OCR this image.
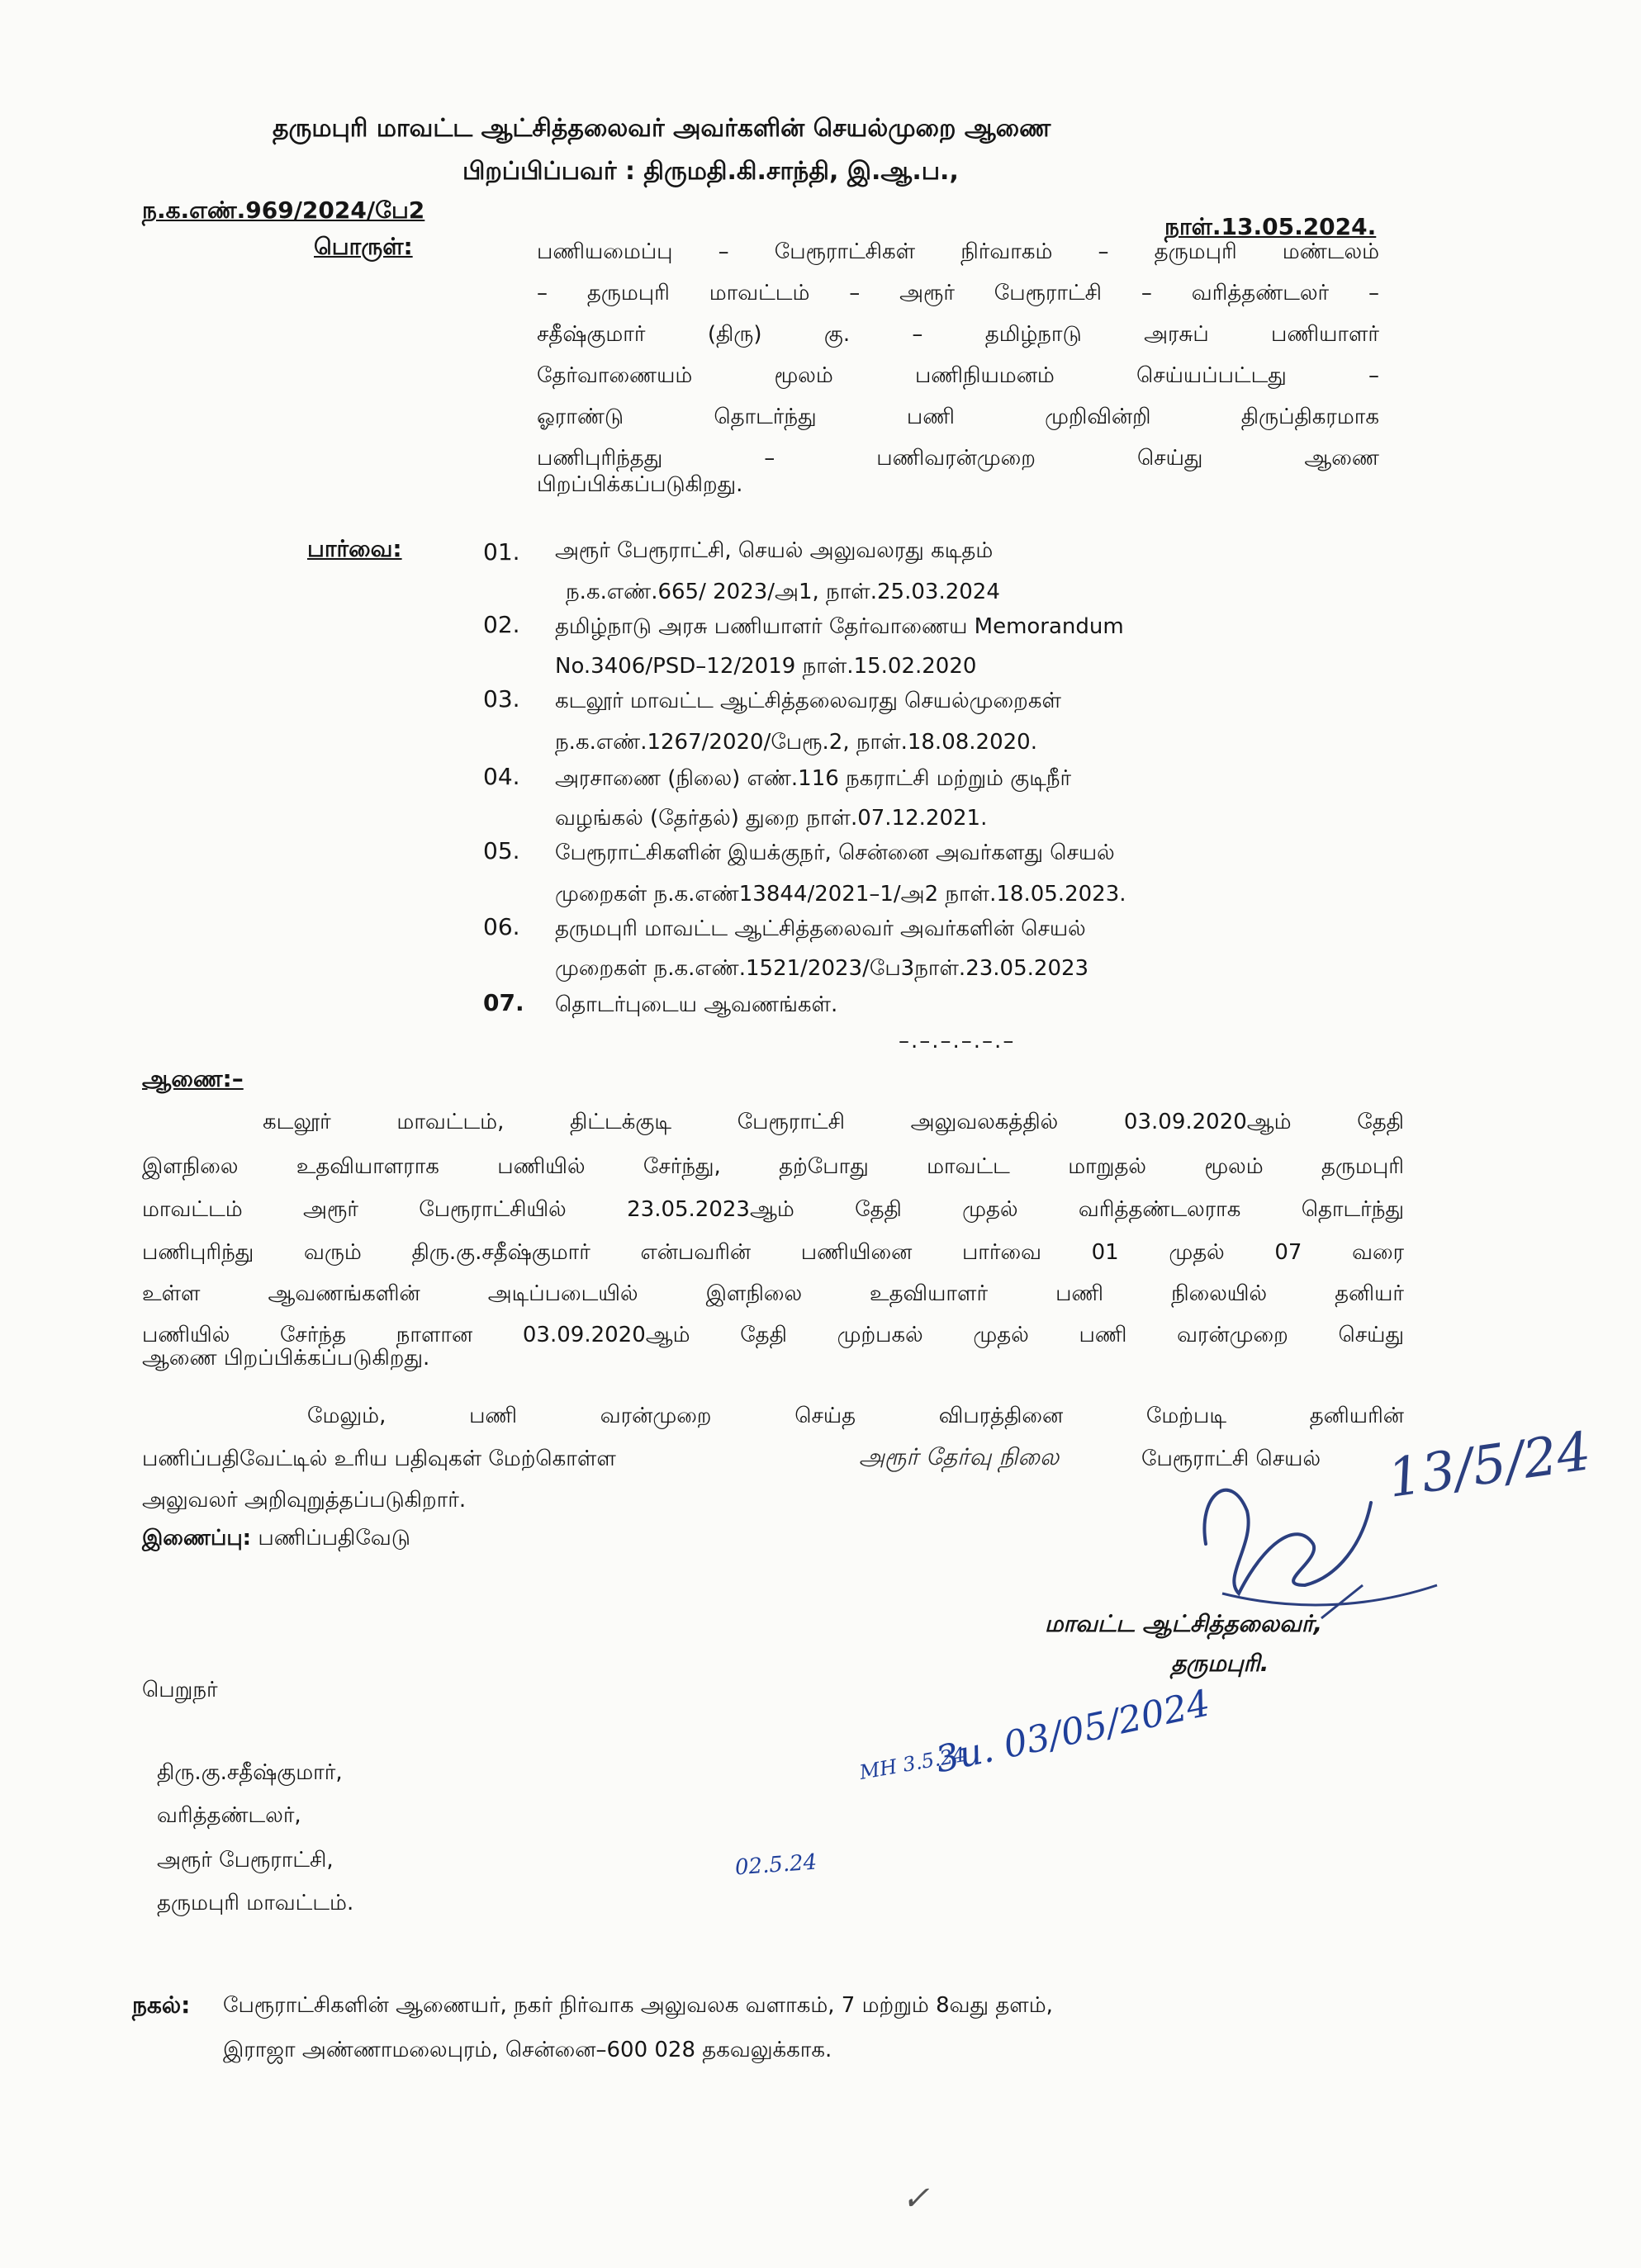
தருமபுரி மாவட்ட ஆட்சித்தலைவர் அவர்களின் செயல்முறை ஆணை
பிறப்பிப்பவர் : திருமதி.கி.சாந்தி, இ.ஆ.ப.,
ந.க.எண்.969/2024/பே2
நாள்.13.05.2024.
பொருள்:	பணியமைப்பு – பேரூராட்சிகள் நிர்வாகம் – தருமபுரி மண்டலம்
– தருமபுரி மாவட்டம் – அரூர் பேரூராட்சி – வரித்தண்டலர் –
சதீஷ்குமார் (திரு) கு. – தமிழ்நாடு அரசுப் பணியாளர்
தேர்வாணையம் மூலம் பணிநியமனம் செய்யப்பட்டது –
ஓராண்டு தொடர்ந்து பணி முறிவின்றி திருப்திகரமாக
பணிபுரிந்தது – பணிவரன்முறை செய்து ஆணை
பிறப்பிக்கப்படுகிறது.
பார்வை:	01. அரூர் பேரூராட்சி, செயல் அலுவலரது கடிதம்
ந.க.எண்.665/ 2023/அ1, நாள்.25.03.2024
02. தமிழ்நாடு அரசு பணியாளர் தேர்வாணைய Memorandum
No.3406/PSD–12/2019 நாள்.15.02.2020
03. கடலூர் மாவட்ட ஆட்சித்தலைவரது செயல்முறைகள்
ந.க.எண்.1267/2020/பேரூ.2, நாள்.18.08.2020.
04. அரசாணை (நிலை) எண்.116 நகராட்சி மற்றும் குடிநீர்
வழங்கல் (தேர்தல்) துறை நாள்.07.12.2021.
05. பேரூராட்சிகளின் இயக்குநர், சென்னை அவர்களது செயல்
முறைகள் ந.க.எண்13844/2021–1/அ2 நாள்.18.05.2023.
06. தருமபுரி மாவட்ட ஆட்சித்தலைவர் அவர்களின் செயல்
முறைகள் ந.க.எண்.1521/2023/பே3நாள்.23.05.2023
07. தொடர்புடைய ஆவணங்கள்.
–.–.–.–.–.–
ஆணை:–
கடலூர் மாவட்டம், திட்டக்குடி பேரூராட்சி அலுவலகத்தில் 03.09.2020ஆம் தேதி
இளநிலை உதவியாளராக பணியில் சேர்ந்து, தற்போது மாவட்ட மாறுதல் மூலம் தருமபுரி
மாவட்டம் அரூர் பேரூராட்சியில் 23.05.2023ஆம் தேதி முதல் வரித்தண்டலராக தொடர்ந்து
பணிபுரிந்து வரும் திரு.கு.சதீஷ்குமார் என்பவரின் பணியினை பார்வை 01 முதல் 07 வரை
உள்ள ஆவணங்களின் அடிப்படையில் இளநிலை உதவியாளர் பணி நிலையில் தனியர்
பணியில் சேர்ந்த நாளான 03.09.2020ஆம் தேதி முற்பகல் முதல் பணி வரன்முறை செய்து
ஆணை பிறப்பிக்கப்படுகிறது.
மேலும், பணி வரன்முறை செய்த விபரத்தினை மேற்படி தனியரின்
பணிப்பதிவேட்டில் உரிய பதிவுகள் மேற்கொள்ள	அரூர் தேர்வு நிலை	பேரூராட்சி செயல்
அலுவலர் அறிவுறுத்தப்படுகிறார்.
இணைப்பு: பணிப்பதிவேடு
13/5/24
மாவட்ட ஆட்சித்தலைவர்,
தருமபுரி.
பெறுநர்
திரு.கு.சதீஷ்குமார்,
வரித்தண்டலர்,
அரூர் பேரூராட்சி,
தருமபுரி மாவட்டம்.
MH 3.5.24
3u. 03/05/2024
02.5.24
நகல்: பேரூராட்சிகளின் ஆணையர், நகர் நிர்வாக அலுவலக வளாகம், 7 மற்றும் 8வது தளம்,
இராஜா அண்ணாமலைபுரம், சென்னை–600 028 தகவலுக்காக.
✓
